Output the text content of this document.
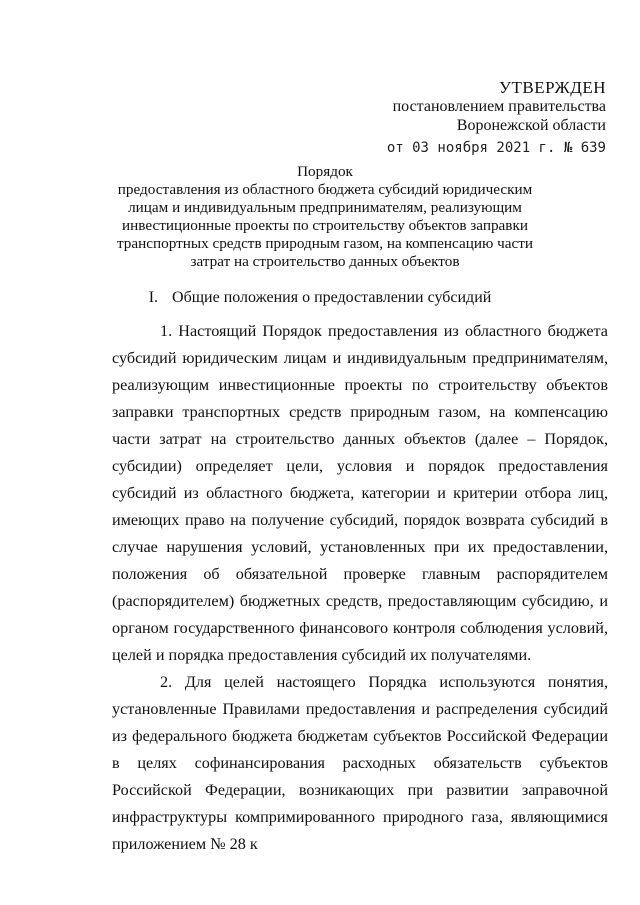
УТВЕРЖДЕН
постановлением правительства
Воронежской области
от 03 ноября 2021 г. № 639
Порядок
предоставления из областного бюджета субсидий юридическим лицам и индивидуальным предпринимателям, реализующим инвестиционные проекты по строительству объектов заправки транспортных средств природным газом, на компенсацию части затрат на строительство данных объектов
I. Общие положения о предоставлении субсидий

1. Настоящий Порядок предоставления из областного бюджета субсидий юридическим лицам и индивидуальным предпринимателям, реализующим инвестиционные проекты по строительству объектов заправки транспортных средств природным газом, на компенсацию части затрат на строительство данных объектов (далее – Порядок, субсидии) определяет цели, условия и порядок предоставления субсидий из областного бюджета, категории и критерии отбора лиц, имеющих право на получение субсидий, порядок возврата субсидий в случае нарушения условий, установленных при их предоставлении, положения об обязательной проверке главным распорядителем (распорядителем) бюджетных средств, предоставляющим субсидию, и органом государственного финансового контроля соблюдения условий, целей и порядка предоставления субсидий их получателями.

2. Для целей настоящего Порядка используются понятия, установленные Правилами предоставления и распределения субсидий из федерального бюджета бюджетам субъектов Российской Федерации в целях софинансирования расходных обязательств субъектов Российской Федерации, возникающих при развитии заправочной инфраструктуры компримированного природного газа, являющимися приложением № 28 к
